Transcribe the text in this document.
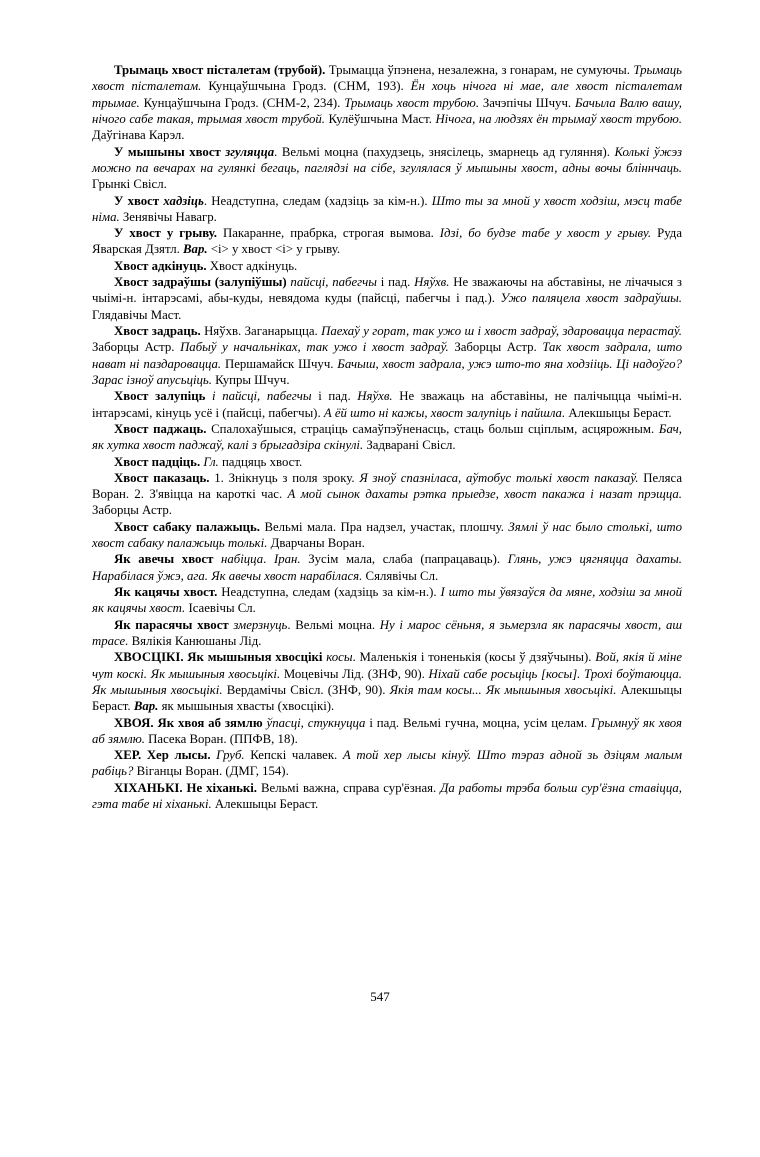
Трымаць хвост пісталетам (трубой). Трымацца ўпэнена, незалежна, з гонарам, не сумуючы. Трымаць хвост пісталетам. Кунцаўшчына Гродз. (СНМ, 193). Ён хоць нічога ні мае, але хвост пісталетам трымае. Кунцаўшчына Гродз. (СНМ-2, 234). Трымаць хвост трубою. Зачэпічы Шчуч. Бачыла Валю вашу, нічого сабе такая, трымая хвост трубой. Кулёўшчына Маст. Нічога, на людзях ён трымаў хвост трубою. Даўгінава Карэл.

У мышыны хвост згуляцца. Вельмі моцна (пахудзець, знясілець, змарнець ад гуляння). Колькі ўжэз можно па вечарах на гулянкі бегаць, паглядзі на сібе, згулялася ў мышыны хвост, адны вочы бліннчаць. Грынкі Свісл.

У хвост хадзіць. Неадступна, следам (хадзіць за кім-н.). Што ты за мной у хвост ходзіш, мэсц табе німа. Зенявічы Навагр.

У хвост у грыву. Пакаранне, прабрка, строгая вымова. Ідзі, бо будзе табе у хвост у грыву. Руда Яварская Дзятл. Вар. <і> у хвост <і> у грыву.

Хвост адкінуць. Хвост адкінуць.

Хвост задраўшы (залупіўшы) пайсці, пабегчы і пад. Няўхв. Не зважаючы на абставіны, не лічачыся з чыімі-н. інтарэсамі, абы-куды, невядома куды (пайсці, пабегчы і пад.). Ужо паляцела хвост задраўшы. Глядавічы Маст.

Хвост задраць. Няўхв. Заганарыцца. Паехаў у горат, так ужо ш і хвост задраў, здаровацца перастаў. Заборцы Астр. Пабыў у начальніках, так ужо і хвост задраў. Заборцы Астр. Так хвост задрала, што нават ні паздаровацца. Першамайск Шчуч. Бачыш, хвост задрала, ужэ што-то яна ходзііць. Ці надоўго? Зарас ізноў апусьціць. Купры Шчуч.

Хвост залупіць і пайсці, пабегчы і пад. Няўхв. Не зважаць на абставіны, не палічыцца чыімі-н. інтарэсамі, кінуць усё і (пайсці, пабегчы). А ёй што ні кажы, хвост залупіць і пайшла. Алекшыцы Бераст.

Хвост паджаць. Спалохаўшыся, страціць самаўпэўненасць, стаць больш сціплым, асцярожным. Бач, як хутка хвост паджаў, калі з брыгадзіра скінулі. Задварані Свісл.

Хвост падціць. Гл. падцяць хвост.

Хвост паказаць. 1. Знікнуць з поля зроку. Я зноў спазніласа, аўтобус толькі хвост паказаў. Пеляса Воран. 2. З'явіцца на кароткі час. А мой сынок дахаты рэтка прыедзе, хвост пакажа і назат прэщца. Заборцы Астр.

Хвост сабаку палажыць. Вельмі мала. Пра надзел, участак, плошчу. Зямлі ў нас было столькі, што хвост сабаку палажыць толькі. Дварчаны Воран.

Як авечы хвост набіцца. Іран. Зусім мала, слаба (папрацаваць). Глянь, ужэ цягняцца дахаты. Нарабілася ўжэ, ага. Як авечы хвост нарабілася. Сялявічы Сл.

Як кацячы хвост. Неадступна, следам (хадзіць за кім-н.). І што ты ўвязаўся да мяне, ходзіш за мной як кацячы хвост. Ісаевічы Сл.

Як парасячы хвост змерзнуць. Вельмі моцна. Ну і марос сёньня, я зьмерзла як парасячы хвост, аш трасе. Вялікія Канюшаны Лід.

ХВОСЦІКІ. Як мышыныя хвосцікі косы. Маленькія і тоненькія (косы ў дзяўчыны). Вой, якія й міне чут коскі. Як мышыныя хвосьцікі. Моцевічы Лід. (ЗНФ, 90). Ніхай сабе росьціць [косы]. Трохі боўтаюцца. Як мышыныя хвосьцікі. Вердамічы Свісл. (ЗНФ, 90). Якія там косы... Як мышыныя хвосьцікі. Алекшыцы Бераст. Вар. як мышыныя хвасты (хвосцікі).

ХВОЯ. Як хвоя аб зямлю ўпасці, стукнуцца і пад. Вельмі гучна, моцна, усім целам. Грымнуў як хвоя аб зямлю. Пасека Воран. (ППФВ, 18).

ХЕР. Хер лысы. Груб. Кепскі чалавек. А той хер лысы кінуў. Што тэраз адной зь дзіцям малым рабіць? Віганцы Воран. (ДМГ, 154).

ХІХАНЬКІ. Не хіханькі. Вельмі важна, справа сур'ёзная. Да работы трэба больш сур'ёзна ставіцца, гэта табе ні хіханькі. Алекшыцы Бераст.

547
